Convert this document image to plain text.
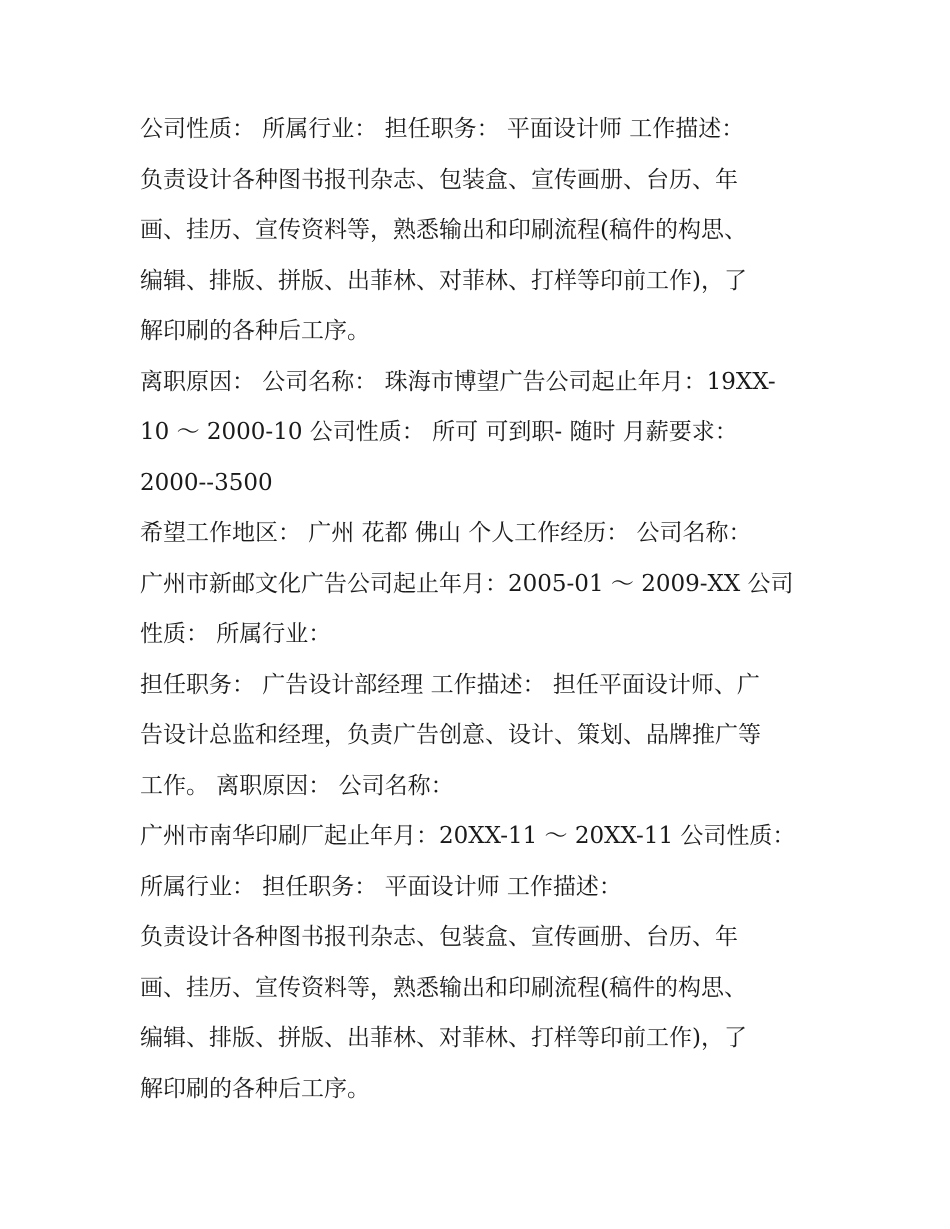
公司性质： 所属行业： 担任职务： 平面设计师 工作描述：
负责设计各种图书报刊杂志、包装盒、宣传画册、台历、年
画、挂历、宣传资料等，熟悉输出和印刷流程(稿件的构思、
编辑、排版、拼版、出菲林、对菲林、打样等印前工作)，了
解印刷的各种后工序。
离职原因： 公司名称： 珠海市博望广告公司起止年月：19XX-
10 ～ 2000-10 公司性质： 所可 可到职- 随时 月薪要求：
2000--3500
希望工作地区： 广州 花都 佛山 个人工作经历： 公司名称：
广州市新邮文化广告公司起止年月：2005-01 ～ 2009-XX 公司
性质： 所属行业：
担任职务： 广告设计部经理 工作描述： 担任平面设计师、广
告设计总监和经理，负责广告创意、设计、策划、品牌推广等
工作。 离职原因： 公司名称：
广州市南华印刷厂起止年月：20XX-11 ～ 20XX-11 公司性质：
所属行业： 担任职务： 平面设计师 工作描述：
负责设计各种图书报刊杂志、包装盒、宣传画册、台历、年
画、挂历、宣传资料等，熟悉输出和印刷流程(稿件的构思、
编辑、排版、拼版、出菲林、对菲林、打样等印前工作)，了
解印刷的各种后工序。
